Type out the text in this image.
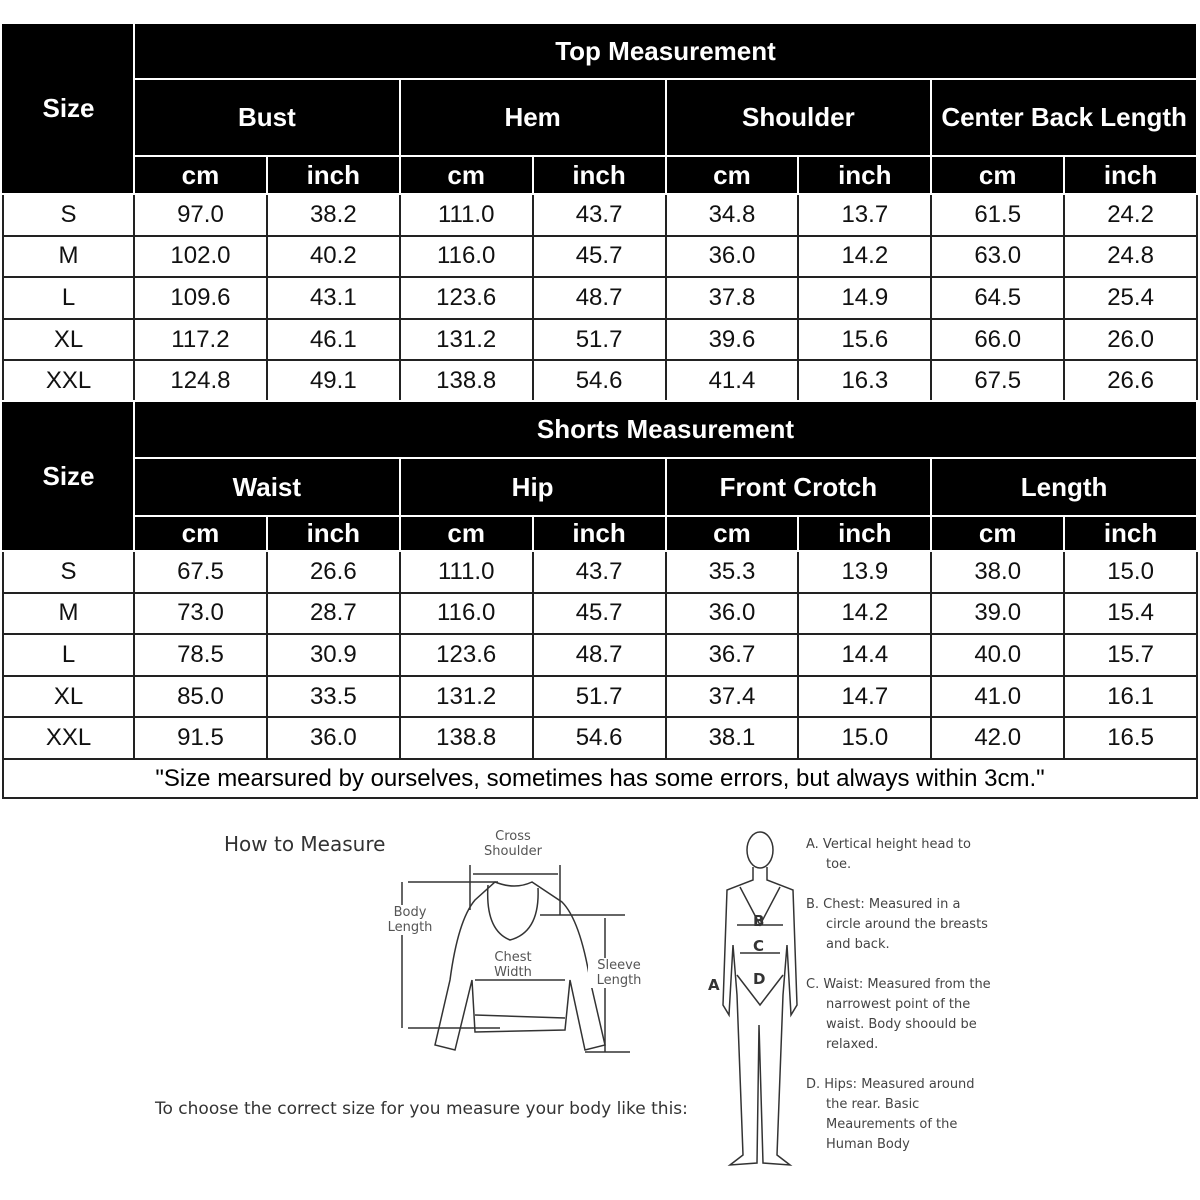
Size	Top Measurement							
	Bust		Hem		Shoulder		Center Back Length	
	cm	inch	cm	inch	cm	inch	cm	inch
S	97.0	38.2	111.0	43.7	34.8	13.7	61.5	24.2
M	102.0	40.2	116.0	45.7	36.0	14.2	63.0	24.8
L	109.6	43.1	123.6	48.7	37.8	14.9	64.5	25.4
XL	117.2	46.1	131.2	51.7	39.6	15.6	66.0	26.0
XXL	124.8	49.1	138.8	54.6	41.4	16.3	67.5	26.6
Size	Shorts Measurement							
	Waist		Hip		Front Crotch		Length	
	cm	inch	cm	inch	cm	inch	cm	inch
S	67.5	26.6	111.0	43.7	35.3	13.9	38.0	15.0
M	73.0	28.7	116.0	45.7	36.0	14.2	39.0	15.4
L	78.5	30.9	123.6	48.7	36.7	14.4	40.0	15.7
XL	85.0	33.5	131.2	51.7	37.4	14.7	41.0	16.1
XXL	91.5	36.0	138.8	54.6	38.1	15.0	42.0	16.5
"Size mearsured by ourselves, sometimes has some errors, but always within 3cm."
How to Measure
To choose the correct size for you measure your body like this:
Cross Shoulder
Body Length
Chest Width	Sleeve Length
B
C
D
A
A. Vertical height head to toe.
B. Chest: Measured in a circle around the breasts and back.
C. Waist: Measured from the narrowest point of the waist. Body shoould be relaxed.
D. Hips: Measured around the rear. Basic Meaurements of the Human Body
